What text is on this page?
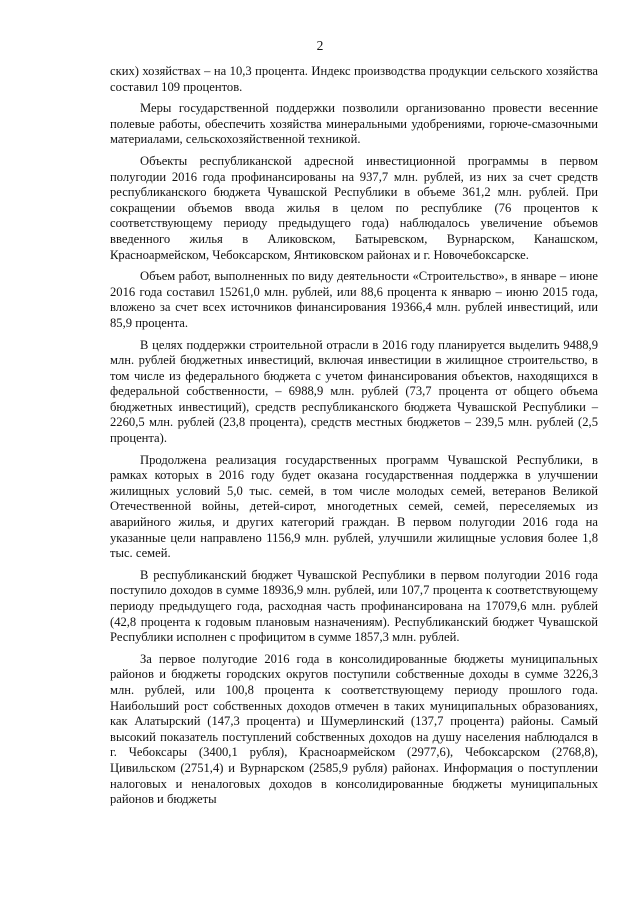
2

ских) хозяйствах – на 10,3 процента. Индекс производства продукции сельского хозяйства составил 109 процентов.

Меры государственной поддержки позволили организованно провести весенние полевые работы, обеспечить хозяйства минеральными удобрениями, горюче-смазочными материалами, сельскохозяйственной техникой.

Объекты республиканской адресной инвестиционной программы в первом полугодии 2016 года профинансированы на 937,7 млн. рублей, из них за счет средств республиканского бюджета Чувашской Республики в объеме 361,2 млн. рублей. При сокращении объемов ввода жилья в целом по республике (76 процентов к соответствующему периоду предыдущего года) наблюдалось увеличение объемов введенного жилья в Аликовском, Батыревском, Вурнарском, Канашском, Красноармейском, Чебоксарском, Янтиковском районах и г. Новочебоксарске.

Объем работ, выполненных по виду деятельности «Строительство», в январе – июне 2016 года составил 15261,0 млн. рублей, или 88,6 процента к январю – июню 2015 года, вложено за счет всех источников финансирования 19366,4 млн. рублей инвестиций, или 85,9 процента.

В целях поддержки строительной отрасли в 2016 году планируется выделить 9488,9 млн. рублей бюджетных инвестиций, включая инвестиции в жилищное строительство, в том числе из федерального бюджета с учетом финансирования объектов, находящихся в федеральной собственности, – 6988,9 млн. рублей (73,7 процента от общего объема бюджетных инвестиций), средств республиканского бюджета Чувашской Республики – 2260,5 млн. рублей (23,8 процента), средств местных бюджетов – 239,5 млн. рублей (2,5 процента).

Продолжена реализация государственных программ Чувашской Республики, в рамках которых в 2016 году будет оказана государственная поддержка в улучшении жилищных условий 5,0 тыс. семей, в том числе молодых семей, ветеранов Великой Отечественной войны, детей-сирот, многодетных семей, семей, переселяемых из аварийного жилья, и других категорий граждан. В первом полугодии 2016 года на указанные цели направлено 1156,9 млн. рублей, улучшили жилищные условия более 1,8 тыс. семей.

В республиканский бюджет Чувашской Республики в первом полугодии 2016 года поступило доходов в сумме 18936,9 млн. рублей, или 107,7 процента к соответствующему периоду предыдущего года, расходная часть профинансирована на 17079,6 млн. рублей (42,8 процента к годовым плановым назначениям). Республиканский бюджет Чувашской Республики исполнен с профицитом в сумме 1857,3 млн. рублей.

За первое полугодие 2016 года в консолидированные бюджеты муниципальных районов и бюджеты городских округов поступили собственные доходы в сумме 3226,3 млн. рублей, или 100,8 процента к соответствующему периоду прошлого года. Наибольший рост собственных доходов отмечен в таких муниципальных образованиях, как Алатырский (147,3 процента) и Шумерлинский (137,7 процента) районы. Самый высокий показатель поступлений собственных доходов на душу населения наблюдался в г. Чебоксары (3400,1 рубля), Красноармейском (2977,6), Чебоксарском (2768,8), Цивильском (2751,4) и Вурнарском (2585,9 рубля) районах. Информация о поступлении налоговых и неналоговых доходов в консолидированные бюджеты муниципальных районов и бюджеты
